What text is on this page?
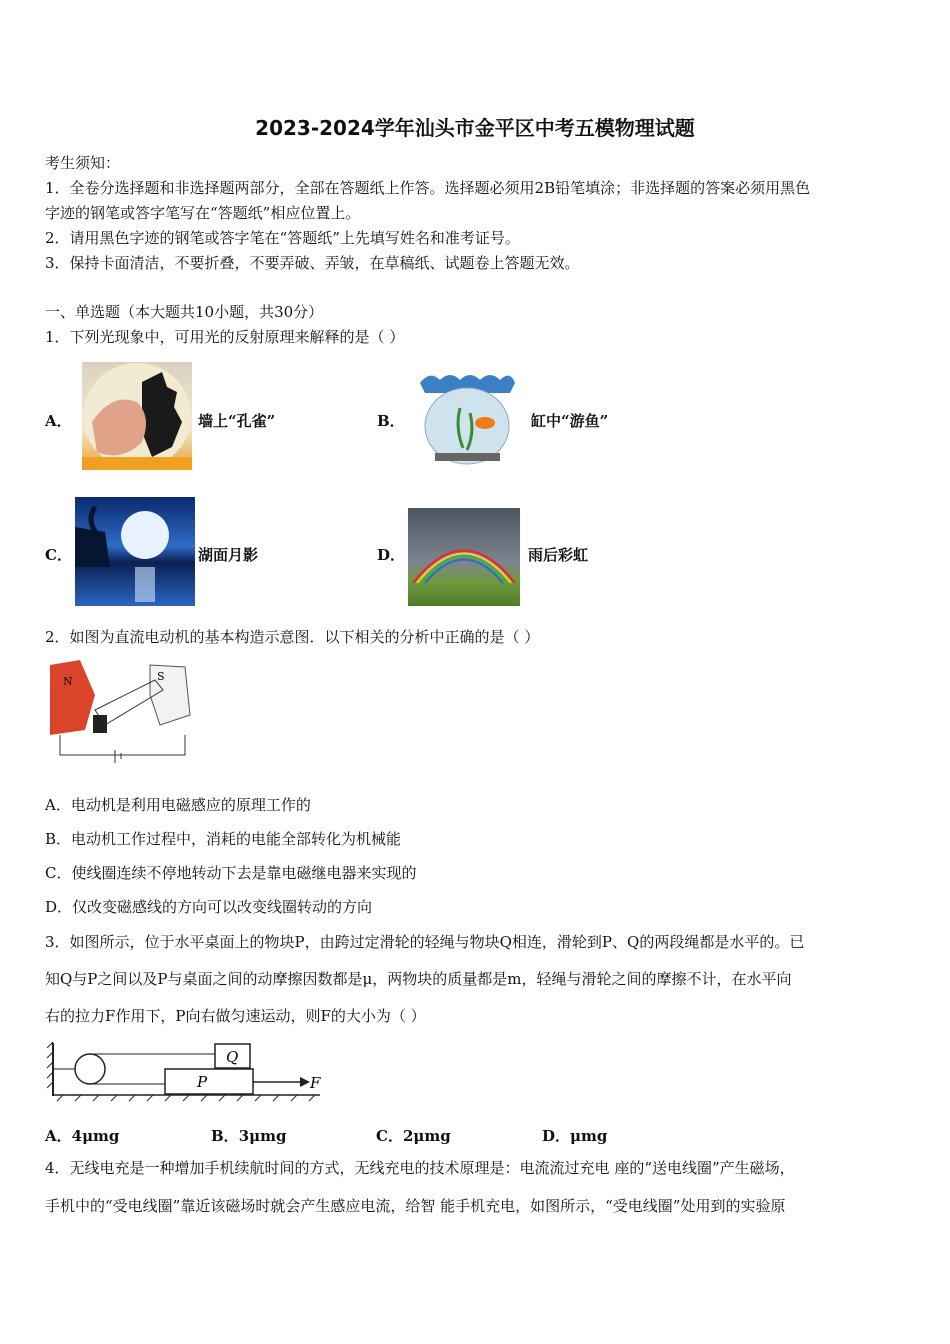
2023-2024学年汕头市金平区中考五模物理试题
考生须知：
1．全卷分选择题和非选择题两部分，全部在答题纸上作答。选择题必须用2B铅笔填涂；非选择题的答案必须用黑色
字迹的钢笔或答字笔写在“答题纸”相应位置上。
2．请用黑色字迹的钢笔或答字笔在“答题纸”上先填写姓名和准考证号。
3．保持卡面清洁，不要折叠，不要弄破、弄皱，在草稿纸、试题卷上答题无效。
一、单选题（本大题共10小题，共30分）
1．下列光现象中，可用光的反射原理来解释的是（ ）
A．	墙上“孔雀”	B．	缸中“游鱼”
C．	湖面月影	D．	雨后彩虹
2．如图为直流电动机的基本构造示意图．以下相关的分析中正确的是（ ）
N	S
A．电动机是利用电磁感应的原理工作的
B．电动机工作过程中，消耗的电能全部转化为机械能
C．使线圈连续不停地转动下去是靠电磁继电器来实现的
D．仅改变磁感线的方向可以改变线圈转动的方向
3．如图所示，位于水平桌面上的物块P，由跨过定滑轮的轻绳与物块Q相连，滑轮到P、Q的两段绳都是水平的。已
知Q与P之间以及P与桌面之间的动摩擦因数都是μ，两物块的质量都是m，轻绳与滑轮之间的摩擦不计，在水平向
右的拉力F作用下，P向右做匀速运动，则F的大小为（ ）
Q
P	F
A．4μmg	B．3μmg	C．2μmg	D．μmg
4．无线电充是一种增加手机续航时间的方式，无线充电的技术原理是：电流流过充电 座的“送电线圈”产生磁场，
手机中的“受电线圈”靠近该磁场时就会产生感应电流，给智 能手机充电，如图所示，“受电线圈”处用到的实验原
